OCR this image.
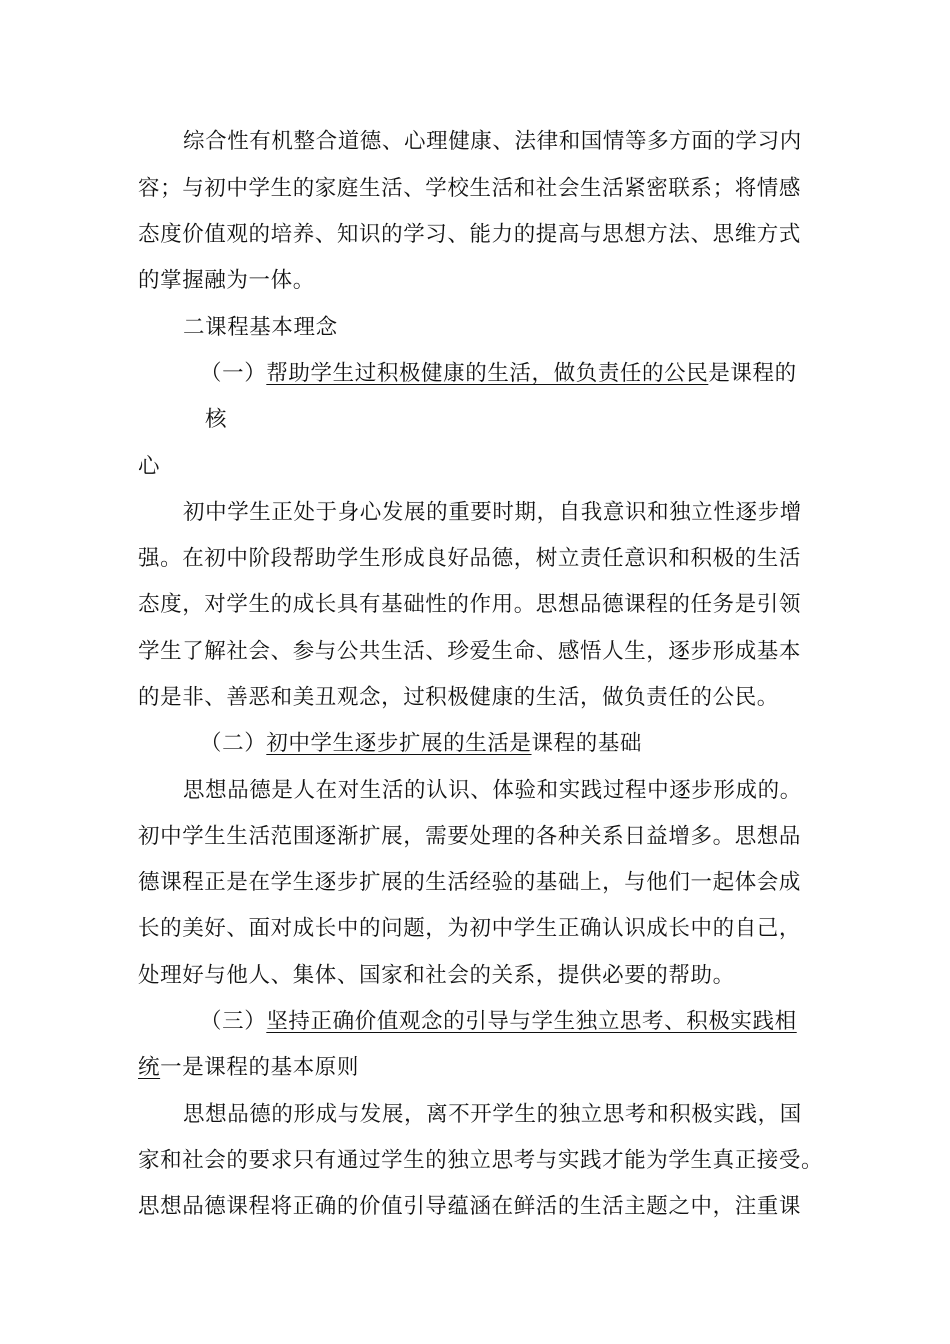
综合性有机整合道德、心理健康、法律和国情等多方面的学习内
容；与初中学生的家庭生活、学校生活和社会生活紧密联系；将情感
态度价值观的培养、知识的学习、能力的提高与思想方法、思维方式
的掌握融为一体。
二课程基本理念
（一）帮助学生过积极健康的生活，做负责任的公民是课程的
核
心
初中学生正处于身心发展的重要时期，自我意识和独立性逐步增
强。在初中阶段帮助学生形成良好品德，树立责任意识和积极的生活
态度，对学生的成长具有基础性的作用。思想品德课程的任务是引领
学生了解社会、参与公共生活、珍爱生命、感悟人生，逐步形成基本
的是非、善恶和美丑观念，过积极健康的生活，做负责任的公民。
（二）初中学生逐步扩展的生活是课程的基础
思想品德是人在对生活的认识、体验和实践过程中逐步形成的。
初中学生生活范围逐渐扩展，需要处理的各种关系日益增多。思想品
德课程正是在学生逐步扩展的生活经验的基础上，与他们一起体会成
长的美好、面对成长中的问题，为初中学生正确认识成长中的自己，
处理好与他人、集体、国家和社会的关系，提供必要的帮助。
（三）坚持正确价值观念的引导与学生独立思考、积极实践相
统一是课程的基本原则
思想品德的形成与发展，离不开学生的独立思考和积极实践，国
家和社会的要求只有通过学生的独立思考与实践才能为学生真正接受。
思想品德课程将正确的价值引导蕴涵在鲜活的生活主题之中，注重课
